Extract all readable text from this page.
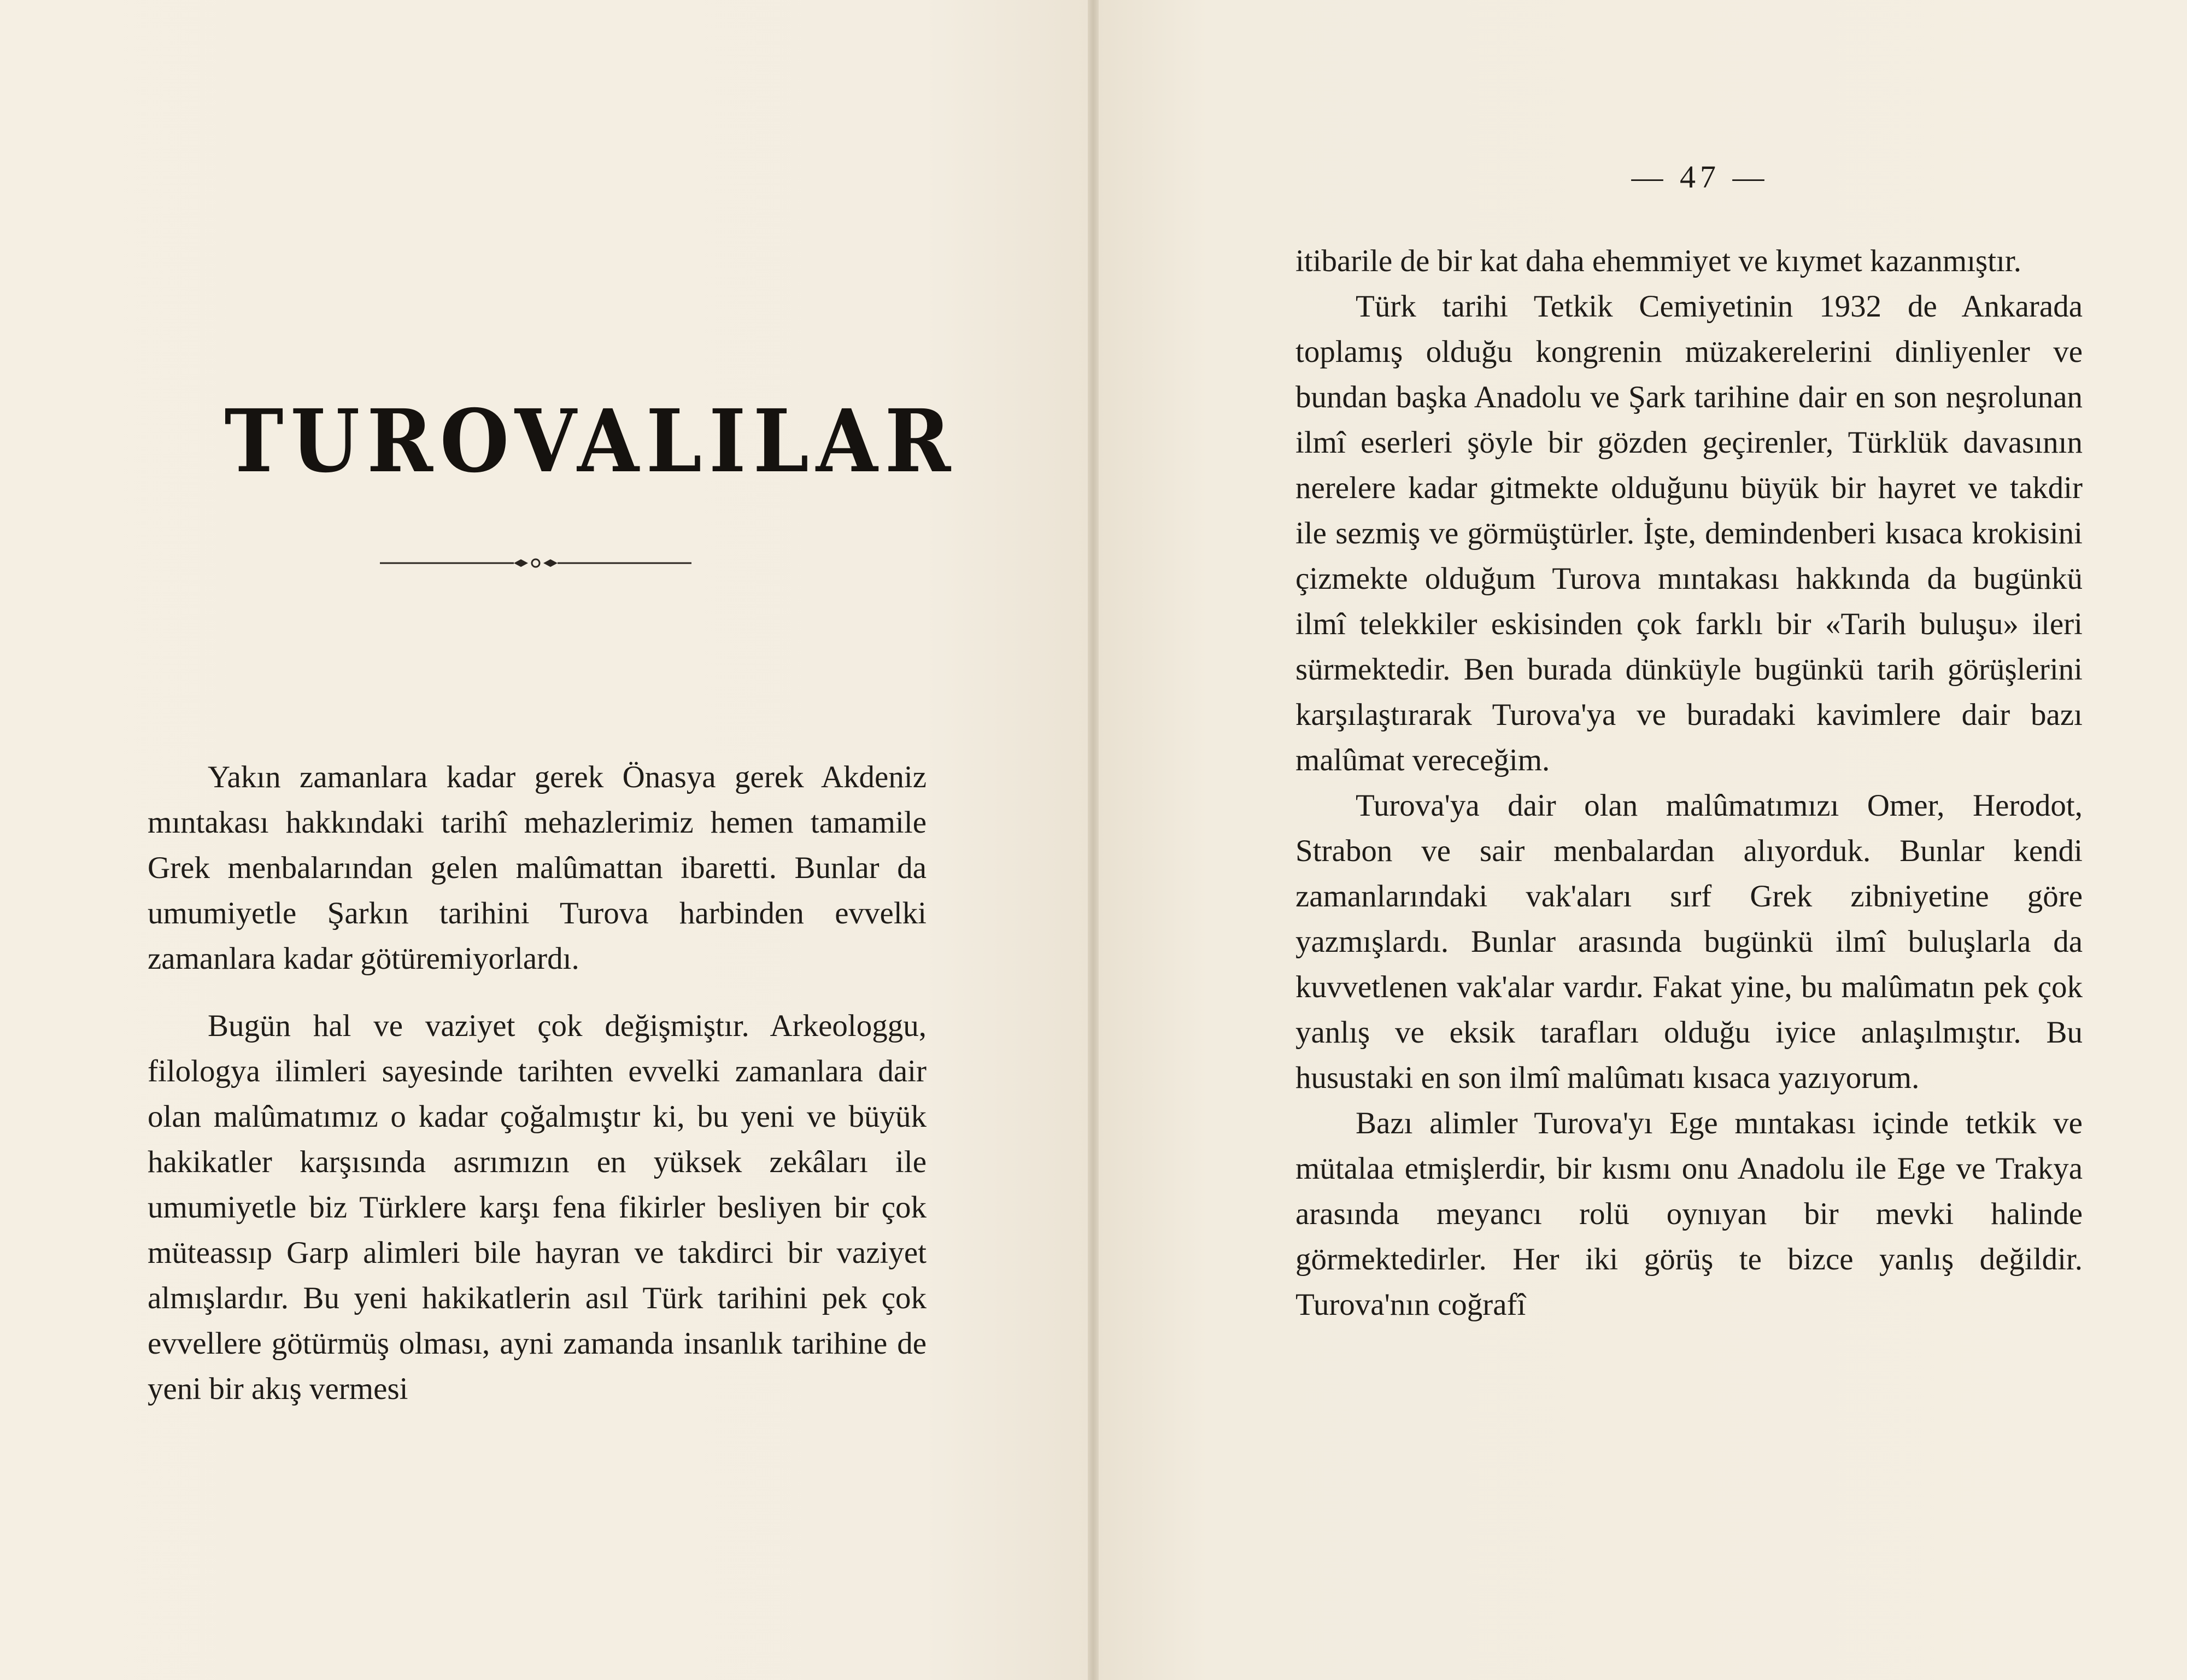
TUROVALILAR

Yakın zamanlara kadar gerek Önasya gerek Akdeniz mıntakası hakkındaki tarihî mehazlerimiz hemen tamamile Grek menbalarından gelen malûmattan ibaretti. Bunlar da umumiyetle Şarkın tarihini Turova harbinden evvelki zamanlara kadar götüremiyorlardı.

Bugün hal ve vaziyet çok değişmiştır. Arkeologgu, filologya ilimleri sayesinde tarihten evvelki zamanlara dair olan malûmatımız o kadar çoğalmıştır ki, bu yeni ve büyük hakikatler karşısında asrımızın en yüksek zekâları ile umumiyetle biz Türklere karşı fena fikirler besliyen bir çok müteassıp Garp alimleri bile hayran ve takdirci bir vaziyet almışlardır. Bu yeni hakikatlerin asıl Türk tarihini pek çok evvellere götürmüş olması, ayni zamanda insanlık tarihine de yeni bir akış vermesi

— 47 —

itibarile de bir kat daha ehemmiyet ve kıymet kazanmıştır.

Türk tarihi Tetkik Cemiyetinin 1932 de Ankarada toplamış olduğu kongrenin müzakerelerini dinliyenler ve bundan başka Anadolu ve Şark tarihine dair en son neşrolunan ilmî eserleri şöyle bir gözden geçirenler, Türklük davasının nerelere kadar gitmekte olduğunu büyük bir hayret ve takdir ile sezmiş ve görmüştürler. İşte, demindenberi kısaca krokisini çizmekte olduğum Turova mıntakası hakkında da bugünkü ilmî telekkiler eskisinden çok farklı bir «Tarih buluşu» ileri sürmektedir. Ben burada dünküyle bugünkü tarih görüşlerini karşılaştırarak Turova'ya ve buradaki kavimlere dair bazı malûmat vereceğim.

Turova'ya dair olan malûmatımızı Omer, Herodot, Strabon ve sair menbalardan alıyorduk. Bunlar kendi zamanlarındaki vak'aları sırf Grek zibniyetine göre yazmışlardı. Bunlar arasında bugünkü ilmî buluşlarla da kuvvetlenen vak'alar vardır. Fakat yine, bu malûmatın pek çok yanlış ve eksik tarafları olduğu iyice anlaşılmıştır. Bu husustaki en son ilmî malûmatı kısaca yazıyorum.

Bazı alimler Turova'yı Ege mıntakası içinde tetkik ve mütalaa etmişlerdir, bir kısmı onu Anadolu ile Ege ve Trakya arasında meyancı rolü oynıyan bir mevki halinde görmektedirler. Her iki görüş te bizce yanlış değildir. Turova'nın coğrafî
